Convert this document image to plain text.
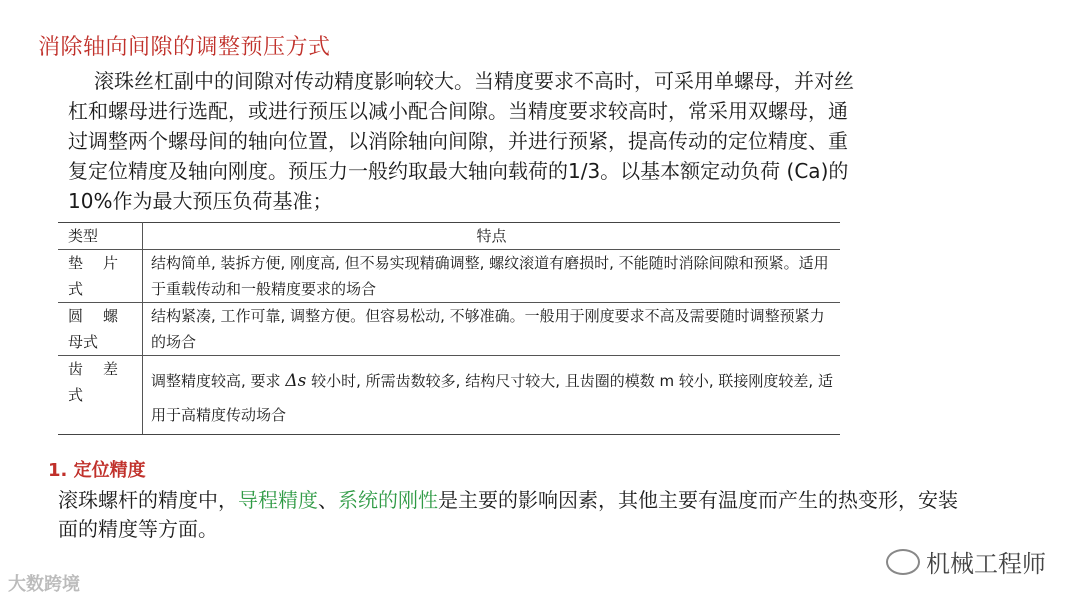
消除轴向间隙的调整预压方式

滚珠丝杠副中的间隙对传动精度影响较大。当精度要求不高时，可采用单螺母，并对丝

杠和螺母进行选配，或进行预压以减小配合间隙。当精度要求较高时，常采用双螺母，通

过调整两个螺母间的轴向位置，以消除轴向间隙，并进行预紧，提高传动的定位精度、重

复定位精度及轴向刚度。预压力一般约取最大轴向载荷的1/3。以基本额定动负荷 (Ca)的

10%作为最大预压负荷基准；

类型	特点

垫 片
式	结构简单, 装拆方便, 刚度高, 但不易实现精确调整, 螺纹滚道有磨损时, 不能随时消除间隙和预紧。适用于重载传动和一般精度要求的场合

圆 螺
母式	结构紧凑, 工作可靠, 调整方便。但容易松动, 不够准确。一般用于刚度要求不高及需要随时调整预紧力的场合

齿 差
式	调整精度较高, 要求 Δs 较小时, 所需齿数较多, 结构尺寸较大, 且齿圈的模数 m 较小, 联接刚度较差, 适用于高精度传动场合
1. 定位精度
滚珠螺杆的精度中，导程精度、系统的刚性是主要的影响因素，其他主要有温度而产生的热变形，安装面的精度等方面。
机械工程师
大数跨境
